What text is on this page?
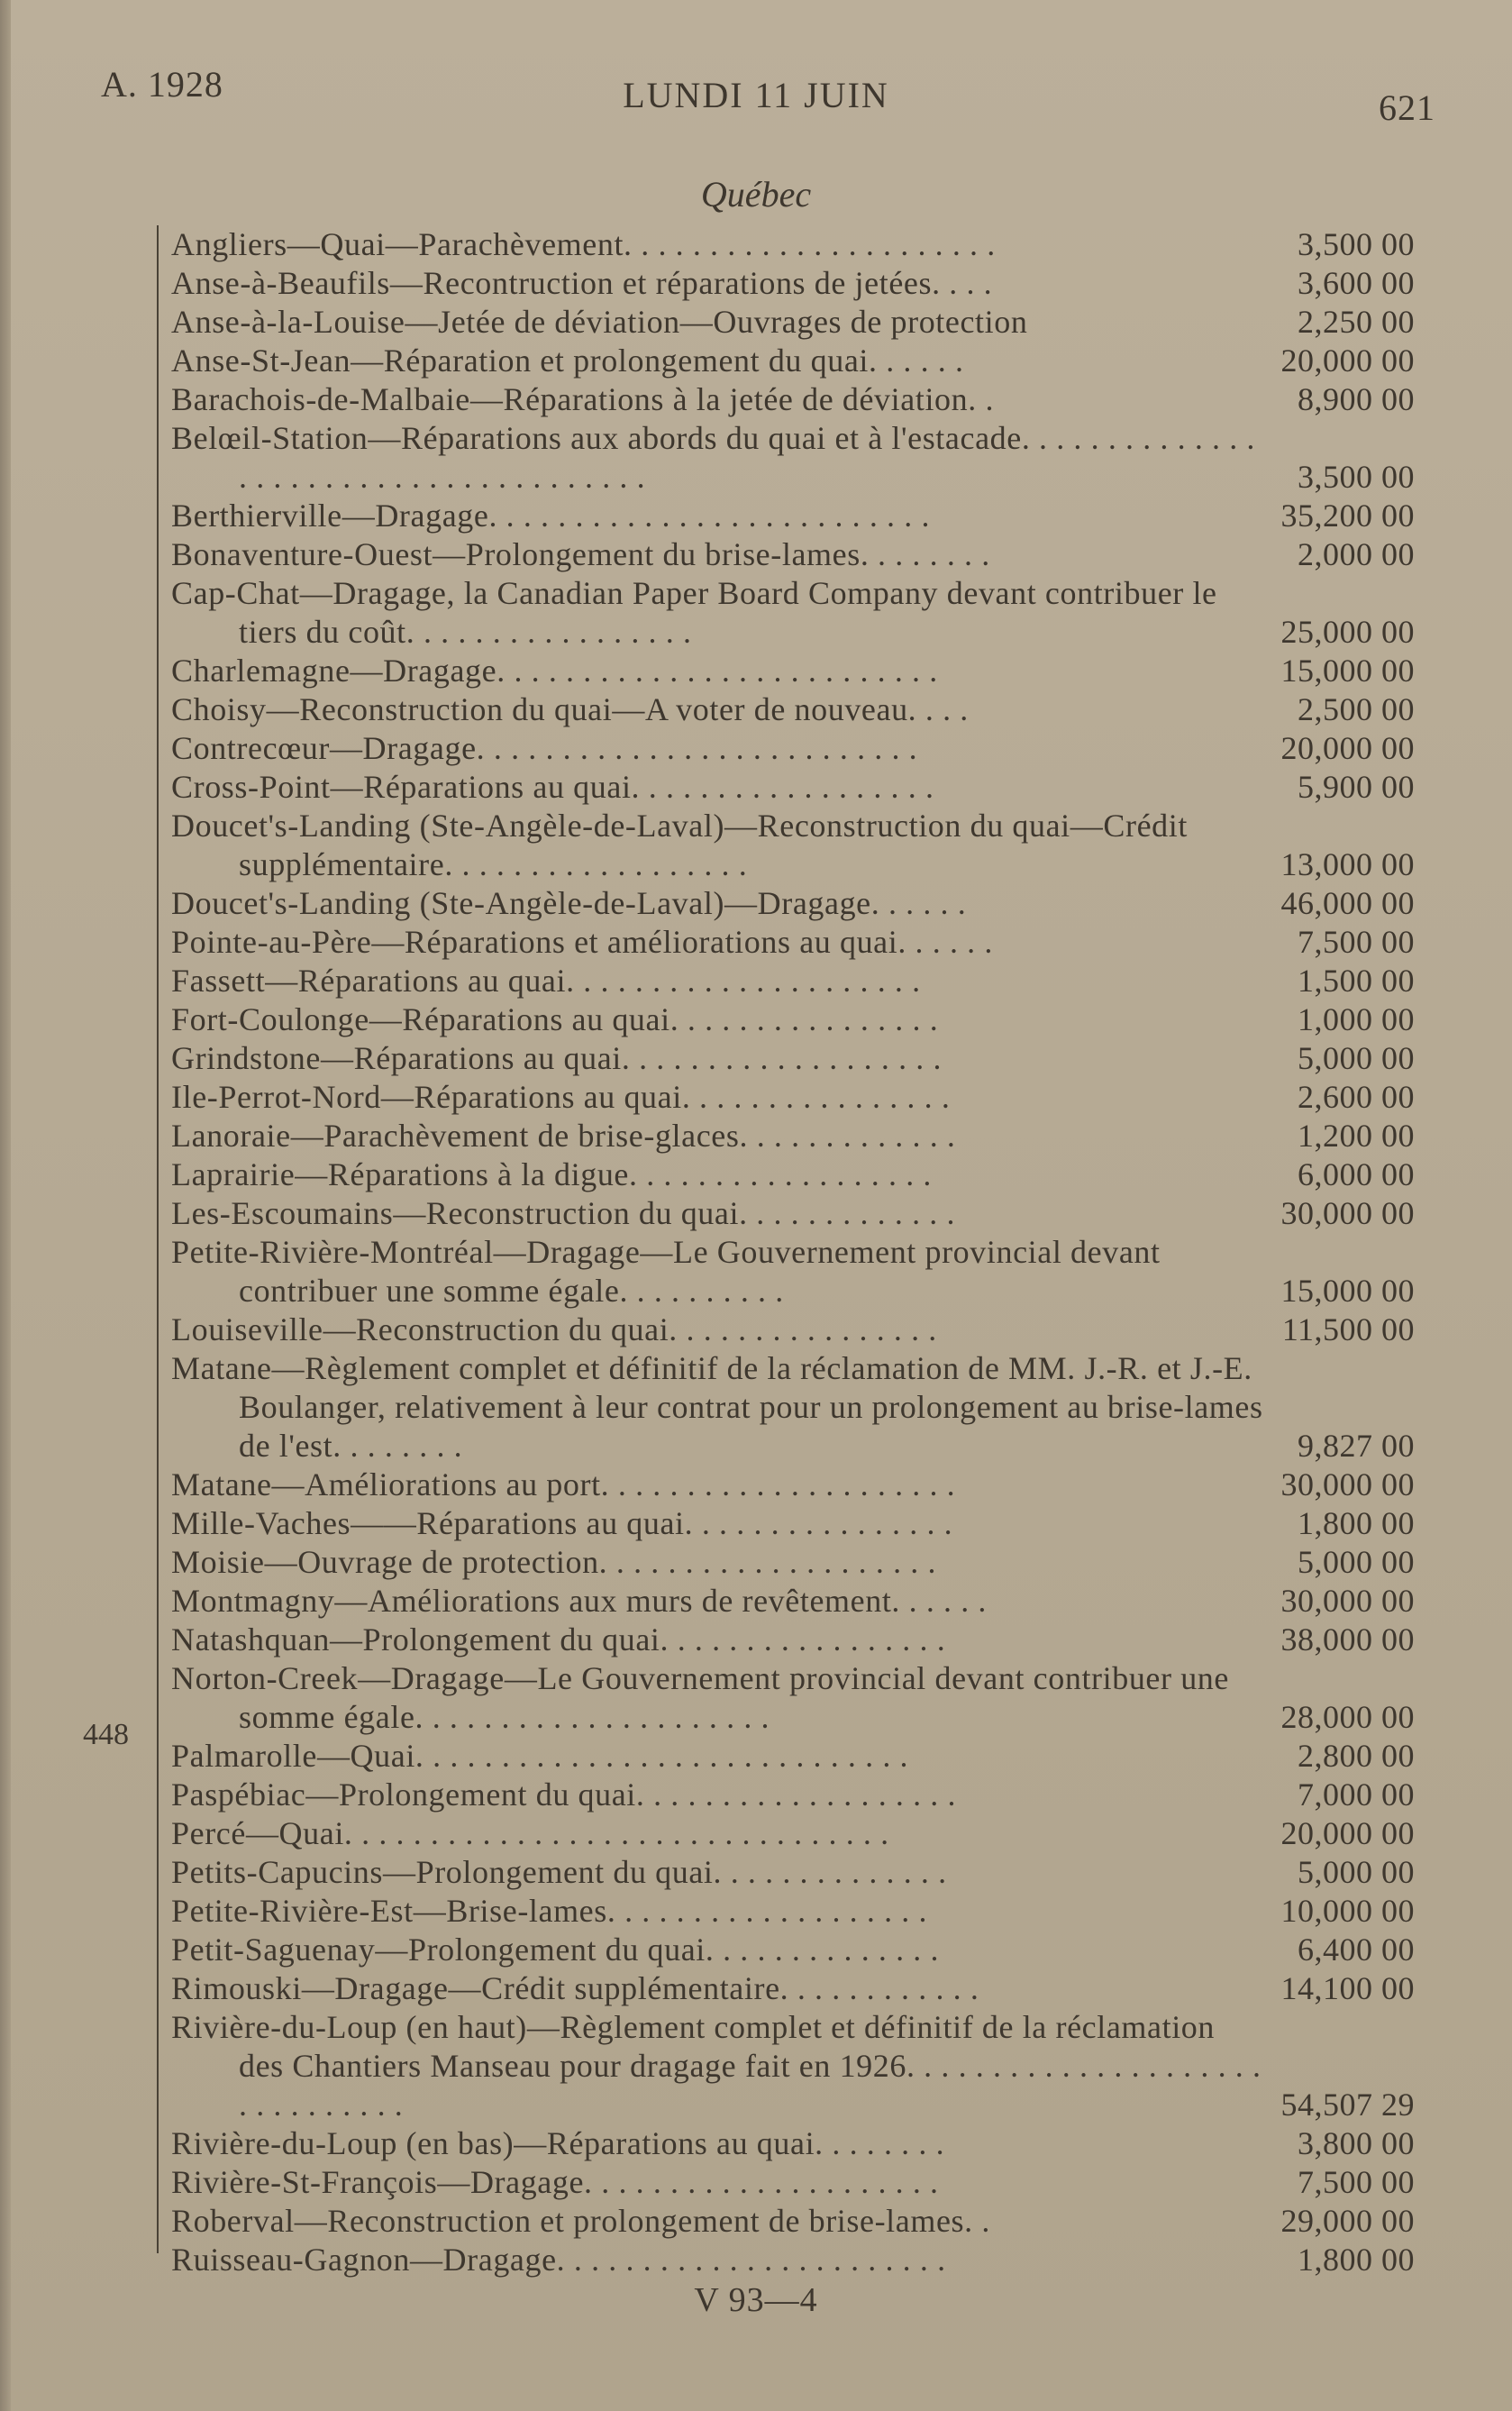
A. 1928	LUNDI 11 JUIN	621
Québec
448
Angliers—Quai—Parachèvement. . . . . . . . . . . . . . . . . . . . . .	3,500 00
Anse-à-Beaufils—Recontruction et réparations de jetées. . . .	3,600 00
Anse-à-la-Louise—Jetée de déviation—Ouvrages de protection	2,250 00
Anse-St-Jean—Réparation et prolongement du quai. . . . . .	20,000 00
Barachois-de-Malbaie—Réparations à la jetée de déviation. .	8,900 00
Belœil-Station—Réparations aux abords du quai et à l'estacade. . . . . . . . . . . . . . . . . . . . . . . . . . . . . . . . . . . . . .	3,500 00
Berthierville—Dragage. . . . . . . . . . . . . . . . . . . . . . . . . .	35,200 00
Bonaventure-Ouest—Prolongement du brise-lames. . . . . . . .	2,000 00
Cap-Chat—Dragage, la Canadian Paper Board Company devant contribuer le tiers du coût. . . . . . . . . . . . . . . . .	25,000 00
Charlemagne—Dragage. . . . . . . . . . . . . . . . . . . . . . . . . .	15,000 00
Choisy—Reconstruction du quai—A voter de nouveau. . . .	2,500 00
Contrecœur—Dragage. . . . . . . . . . . . . . . . . . . . . . . . . .	20,000 00
Cross-Point—Réparations au quai. . . . . . . . . . . . . . . . . .	5,900 00
Doucet's-Landing (Ste-Angèle-de-Laval)—Reconstruction du quai—Crédit supplémentaire. . . . . . . . . . . . . . . . . .	13,000 00
Doucet's-Landing (Ste-Angèle-de-Laval)—Dragage. . . . . .	46,000 00
Pointe-au-Père—Réparations et améliorations au quai. . . . . .	7,500 00
Fassett—Réparations au quai. . . . . . . . . . . . . . . . . . . . .	1,500 00
Fort-Coulonge—Réparations au quai. . . . . . . . . . . . . . . .	1,000 00
Grindstone—Réparations au quai. . . . . . . . . . . . . . . . . . .	5,000 00
Ile-Perrot-Nord—Réparations au quai. . . . . . . . . . . . . . . .	2,600 00
Lanoraie—Parachèvement de brise-glaces. . . . . . . . . . . . .	1,200 00
Laprairie—Réparations à la digue. . . . . . . . . . . . . . . . . .	6,000 00
Les-Escoumains—Reconstruction du quai. . . . . . . . . . . . .	30,000 00
Petite-Rivière-Montréal—Dragage—Le Gouvernement provincial devant contribuer une somme égale. . . . . . . . . .	15,000 00
Louiseville—Reconstruction du quai. . . . . . . . . . . . . . . .	11,500 00
Matane—Règlement complet et définitif de la réclamation de MM. J.-R. et J.-E. Boulanger, relativement à leur contrat pour un prolongement au brise-lames de l'est. . . . . . . .	9,827 00
Matane—Améliorations au port. . . . . . . . . . . . . . . . . . . . .	30,000 00
Mille-Vaches——Réparations au quai. . . . . . . . . . . . . . . .	1,800 00
Moisie—Ouvrage de protection. . . . . . . . . . . . . . . . . . . .	5,000 00
Montmagny—Améliorations aux murs de revêtement. . . . . .	30,000 00
Natashquan—Prolongement du quai. . . . . . . . . . . . . . . . .	38,000 00
Norton-Creek—Dragage—Le Gouvernement provincial devant contribuer une somme égale. . . . . . . . . . . . . . . . . . . . .	28,000 00
Palmarolle—Quai. . . . . . . . . . . . . . . . . . . . . . . . . . . . .	2,800 00
Paspébiac—Prolongement du quai. . . . . . . . . . . . . . . . . . .	7,000 00
Percé—Quai. . . . . . . . . . . . . . . . . . . . . . . . . . . . . . . .	20,000 00
Petits-Capucins—Prolongement du quai. . . . . . . . . . . . . .	5,000 00
Petite-Rivière-Est—Brise-lames. . . . . . . . . . . . . . . . . . .	10,000 00
Petit-Saguenay—Prolongement du quai. . . . . . . . . . . . . .	6,400 00
Rimouski—Dragage—Crédit supplémentaire. . . . . . . . . . . .	14,100 00
Rivière-du-Loup (en haut)—Règlement complet et définitif de la réclamation des Chantiers Manseau pour dragage fait en 1926. . . . . . . . . . . . . . . . . . . . . . . . . . . . . . .	54,507 29
Rivière-du-Loup (en bas)—Réparations au quai. . . . . . . .	3,800 00
Rivière-St-François—Dragage. . . . . . . . . . . . . . . . . . . . .	7,500 00
Roberval—Reconstruction et prolongement de brise-lames. .	29,000 00
Ruisseau-Gagnon—Dragage. . . . . . . . . . . . . . . . . . . . . . .	1,800 00
V 93—4
